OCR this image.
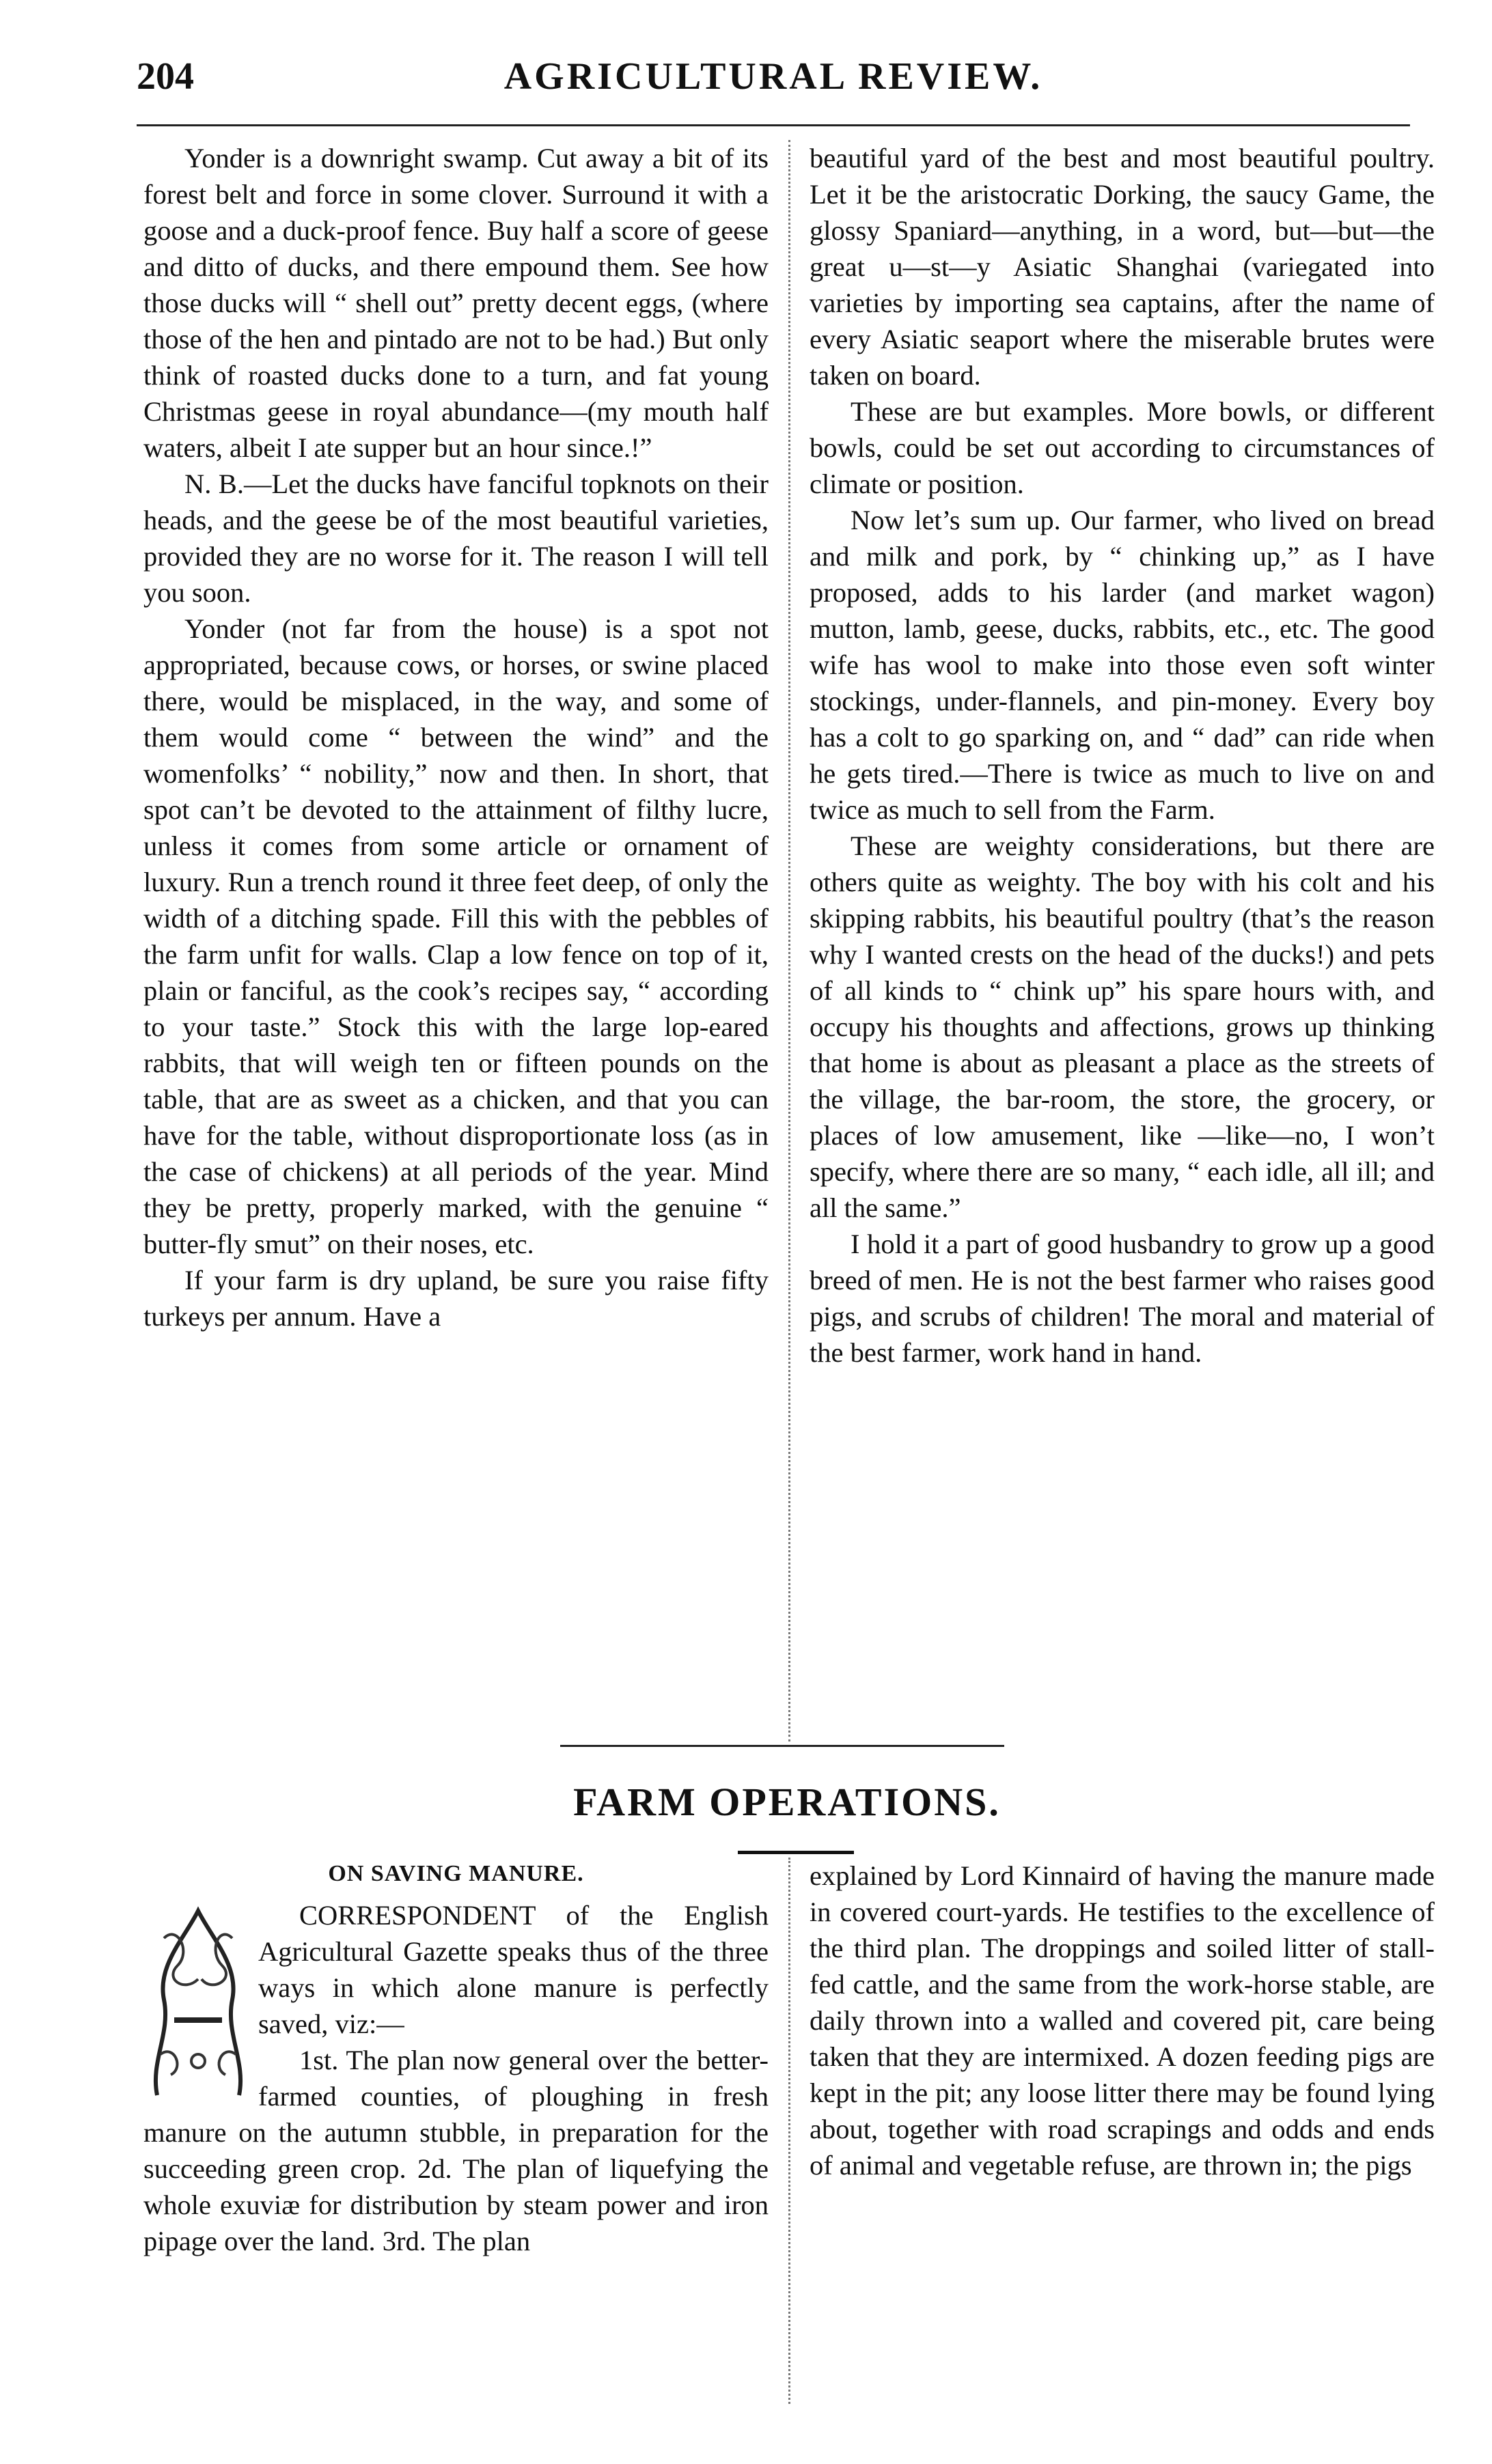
204	AGRICULTURAL REVIEW.

Yonder is a downright swamp. Cut away a bit of its forest belt and force in some clover. Surround it with a goose and a duck-proof fence. Buy half a score of geese and ditto of ducks, and there empound them. See how those ducks will “ shell out” pretty decent eggs, (where those of the hen and pintado are not to be had.) But only think of roasted ducks done to a turn, and fat young Christmas geese in royal abundance—(my mouth half waters, albeit I ate supper but an hour since.!”

N. B.—Let the ducks have fanciful topknots on their heads, and the geese be of the most beautiful varieties, provided they are no worse for it. The reason I will tell you soon.

Yonder (not far from the house) is a spot not appropriated, because cows, or horses, or swine placed there, would be misplaced, in the way, and some of them would come “ between the wind” and the womenfolks’ “ nobility,” now and then. In short, that spot can’t be devoted to the attainment of filthy lucre, unless it comes from some article or ornament of luxury. Run a trench round it three feet deep, of only the width of a ditching spade. Fill this with the pebbles of the farm unfit for walls. Clap a low fence on top of it, plain or fanciful, as the cook’s recipes say, “ according to your taste.” Stock this with the large lop-eared rabbits, that will weigh ten or fifteen pounds on the table, that are as sweet as a chicken, and that you can have for the table, without disproportionate loss (as in the case of chickens) at all periods of the year. Mind they be pretty, properly marked, with the genuine “ butter-fly smut” on their noses, etc.

If your farm is dry upland, be sure you raise fifty turkeys per annum. Have a

beautiful yard of the best and most beautiful poultry. Let it be the aristocratic Dorking, the saucy Game, the glossy Spaniard—anything, in a word, but—but—the great u—st—y Asiatic Shanghai (variegated into varieties by importing sea captains, after the name of every Asiatic seaport where the miserable brutes were taken on board.

These are but examples. More bowls, or different bowls, could be set out according to circumstances of climate or position.

Now let’s sum up. Our farmer, who lived on bread and milk and pork, by “ chinking up,” as I have proposed, adds to his larder (and market wagon) mutton, lamb, geese, ducks, rabbits, etc., etc. The good wife has wool to make into those even soft winter stockings, under-flannels, and pin-money. Every boy has a colt to go sparking on, and “ dad” can ride when he gets tired.—There is twice as much to live on and twice as much to sell from the Farm.

These are weighty considerations, but there are others quite as weighty. The boy with his colt and his skipping rabbits, his beautiful poultry (that’s the reason why I wanted crests on the head of the ducks!) and pets of all kinds to “ chink up” his spare hours with, and occupy his thoughts and affections, grows up thinking that home is about as pleasant a place as the streets of the village, the bar-room, the store, the grocery, or places of low amusement, like —like—no, I won’t specify, where there are so many, “ each idle, all ill; and all the same.”

I hold it a part of good husbandry to grow up a good breed of men. He is not the best farmer who raises good pigs, and scrubs of children! The moral and material of the best farmer, work hand in hand.

FARM OPERATIONS.
ON SAVING MANURE.

CORRESPONDENT of the English Agricultural Gazette speaks thus of the three ways in which alone manure is perfectly saved, viz:—

1st. The plan now general over the better-farmed counties, of ploughing in fresh manure on the autumn stubble, in preparation for the succeeding green crop. 2d. The plan of liquefying the whole exuviæ for distribution by steam power and iron pipage over the land. 3rd. The plan

explained by Lord Kinnaird of having the manure made in covered court-yards. He testifies to the excellence of the third plan. The droppings and soiled litter of stall-fed cattle, and the same from the work-horse stable, are daily thrown into a walled and covered pit, care being taken that they are intermixed. A dozen feeding pigs are kept in the pit; any loose litter there may be found lying about, together with road scrapings and odds and ends of animal and vegetable refuse, are thrown in; the pigs
